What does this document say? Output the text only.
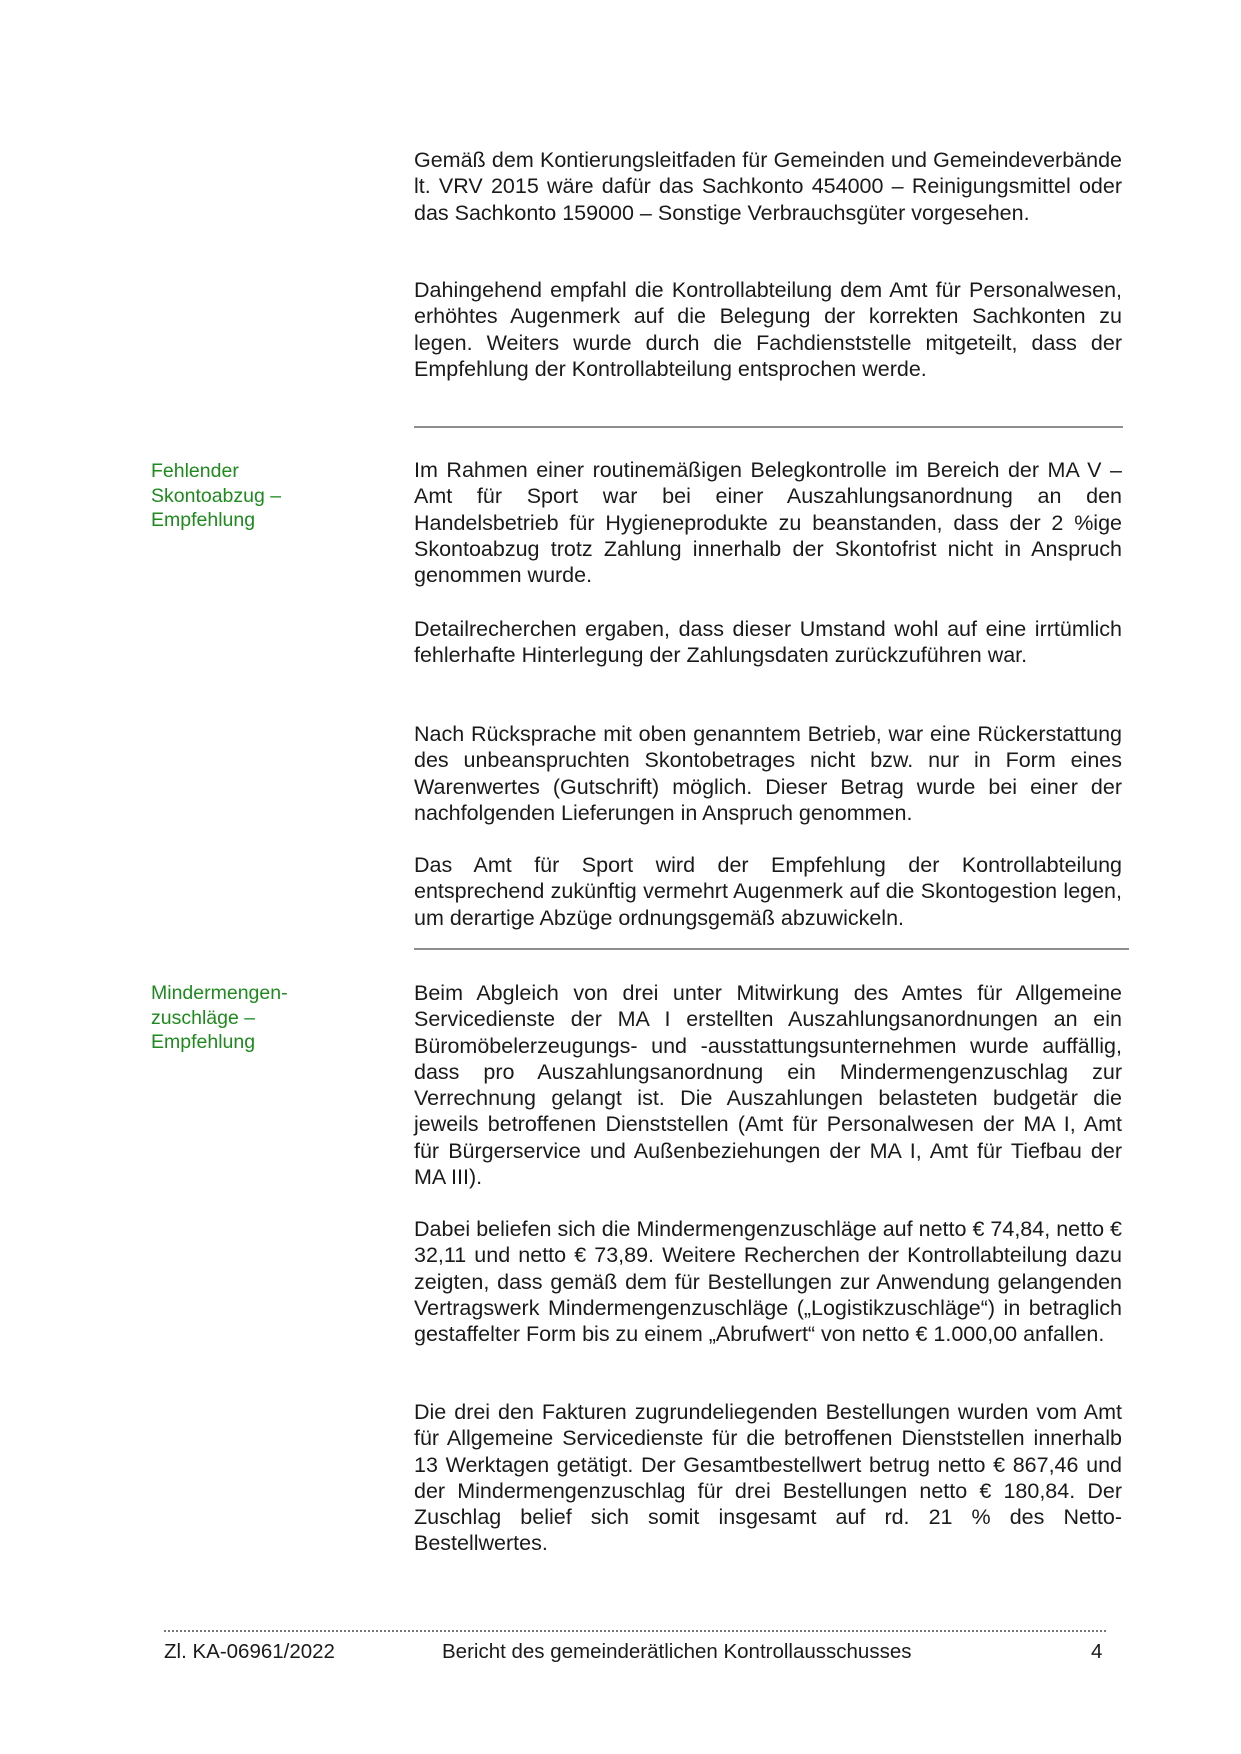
Gemäß dem Kontierungsleitfaden für Gemeinden und Gemeindeverbände lt. VRV 2015 wäre dafür das Sachkonto 454000 – Reinigungsmittel oder das Sachkonto 159000 – Sonstige Verbrauchsgüter vorgesehen.

Dahingehend empfahl die Kontrollabteilung dem Amt für Personalwesen, erhöhtes Augenmerk auf die Belegung der korrekten Sachkonten zu legen. Weiters wurde durch die Fachdienststelle mitgeteilt, dass der Empfehlung der Kontrollabteilung entsprochen werde.

Fehlender
Skontoabzug –
Empfehlung

Im Rahmen einer routinemäßigen Belegkontrolle im Bereich der MA V – Amt für Sport war bei einer Auszahlungsanordnung an den Handelsbetrieb für Hygieneprodukte zu beanstanden, dass der 2 %ige Skontoabzug trotz Zahlung innerhalb der Skontofrist nicht in Anspruch genommen wurde.

Detailrecherchen ergaben, dass dieser Umstand wohl auf eine irrtümlich fehlerhafte Hinterlegung der Zahlungsdaten zurückzuführen war.

Nach Rücksprache mit oben genanntem Betrieb, war eine Rückerstattung des unbeanspruchten Skontobetrages nicht bzw. nur in Form eines Warenwertes (Gutschrift) möglich. Dieser Betrag wurde bei einer der nachfolgenden Lieferungen in Anspruch genommen.

Das Amt für Sport wird der Empfehlung der Kontrollabteilung entsprechend zukünftig vermehrt Augenmerk auf die Skontogestion legen, um derartige Abzüge ordnungsgemäß abzuwickeln.

Mindermengen-
zuschläge –
Empfehlung

Beim Abgleich von drei unter Mitwirkung des Amtes für Allgemeine Servicedienste der MA I erstellten Auszahlungsanordnungen an ein Büromöbelerzeugungs- und -ausstattungsunternehmen wurde auffällig, dass pro Auszahlungsanordnung ein Mindermengenzuschlag zur Verrechnung gelangt ist. Die Auszahlungen belasteten budgetär die jeweils betroffenen Dienststellen (Amt für Personalwesen der MA I, Amt für Bürgerservice und Außenbeziehungen der MA I, Amt für Tiefbau der MA III).

Dabei beliefen sich die Mindermengenzuschläge auf netto € 74,84, netto € 32,11 und netto € 73,89. Weitere Recherchen der Kontrollabteilung dazu zeigten, dass gemäß dem für Bestellungen zur Anwendung gelangenden Vertragswerk Mindermengenzuschläge („Logistikzuschläge“) in betraglich gestaffelter Form bis zu einem „Abrufwert“ von netto € 1.000,00 anfallen.

Die drei den Fakturen zugrundeliegenden Bestellungen wurden vom Amt für Allgemeine Servicedienste für die betroffenen Dienststellen innerhalb 13 Werktagen getätigt. Der Gesamtbestellwert betrug netto € 867,46 und der Mindermengenzuschlag für drei Bestellungen netto € 180,84. Der Zuschlag belief sich somit insgesamt auf rd. 21 % des Netto-Bestellwertes.

Zl. KA-06961/2022	Bericht des gemeinderätlichen Kontrollausschusses	4
